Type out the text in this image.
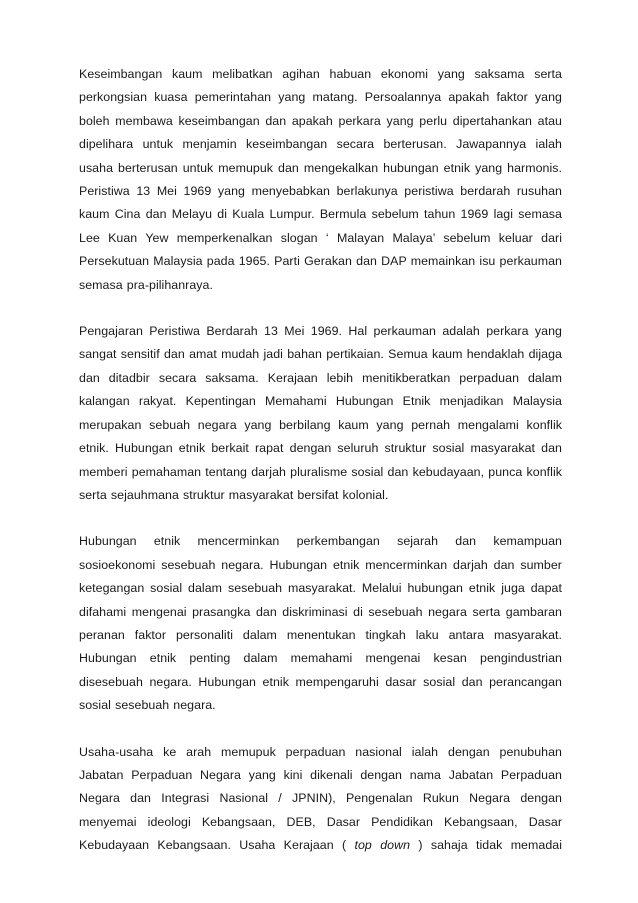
Keseimbangan kaum melibatkan agihan habuan ekonomi yang saksama serta perkongsian kuasa pemerintahan yang matang. Persoalannya apakah faktor yang boleh membawa keseimbangan dan apakah perkara yang perlu dipertahankan atau dipelihara untuk menjamin keseimbangan secara berterusan. Jawapannya ialah usaha berterusan untuk memupuk dan mengekalkan hubungan etnik yang harmonis. Peristiwa 13 Mei 1969 yang menyebabkan berlakunya peristiwa berdarah rusuhan kaum Cina dan Melayu di Kuala Lumpur. Bermula sebelum tahun 1969 lagi semasa Lee Kuan Yew memperkenalkan slogan ‘ Malayan Malaya’ sebelum keluar dari Persekutuan Malaysia pada 1965. Parti Gerakan dan DAP memainkan isu perkauman semasa pra-pilihanraya.

Pengajaran Peristiwa Berdarah 13 Mei 1969. Hal perkauman adalah perkara yang sangat sensitif dan amat mudah jadi bahan pertikaian. Semua kaum hendaklah dijaga dan ditadbir secara saksama. Kerajaan lebih menitikberatkan perpaduan dalam kalangan rakyat. Kepentingan Memahami Hubungan Etnik menjadikan Malaysia merupakan sebuah negara yang berbilang kaum yang pernah mengalami konflik etnik. Hubungan etnik berkait rapat dengan seluruh struktur sosial masyarakat dan memberi pemahaman tentang darjah pluralisme sosial dan kebudayaan, punca konflik serta sejauhmana struktur masyarakat bersifat kolonial.

Hubungan etnik mencerminkan perkembangan sejarah dan kemampuan sosioekonomi sesebuah negara. Hubungan etnik mencerminkan darjah dan sumber ketegangan sosial dalam sesebuah masyarakat. Melalui hubungan etnik juga dapat difahami mengenai prasangka dan diskriminasi di sesebuah negara serta gambaran peranan faktor personaliti dalam menentukan tingkah laku antara masyarakat. Hubungan etnik penting dalam memahami mengenai kesan pengindustrian disesebuah negara. Hubungan etnik mempengaruhi dasar sosial dan perancangan sosial sesebuah negara.

Usaha-usaha ke arah memupuk perpaduan nasional ialah dengan penubuhan Jabatan Perpaduan Negara yang kini dikenali dengan nama Jabatan Perpaduan Negara dan Integrasi Nasional / JPNIN), Pengenalan Rukun Negara dengan menyemai ideologi Kebangsaan, DEB, Dasar Pendidikan Kebangsaan, Dasar Kebudayaan Kebangsaan. Usaha Kerajaan ( top down ) sahaja tidak memadai
